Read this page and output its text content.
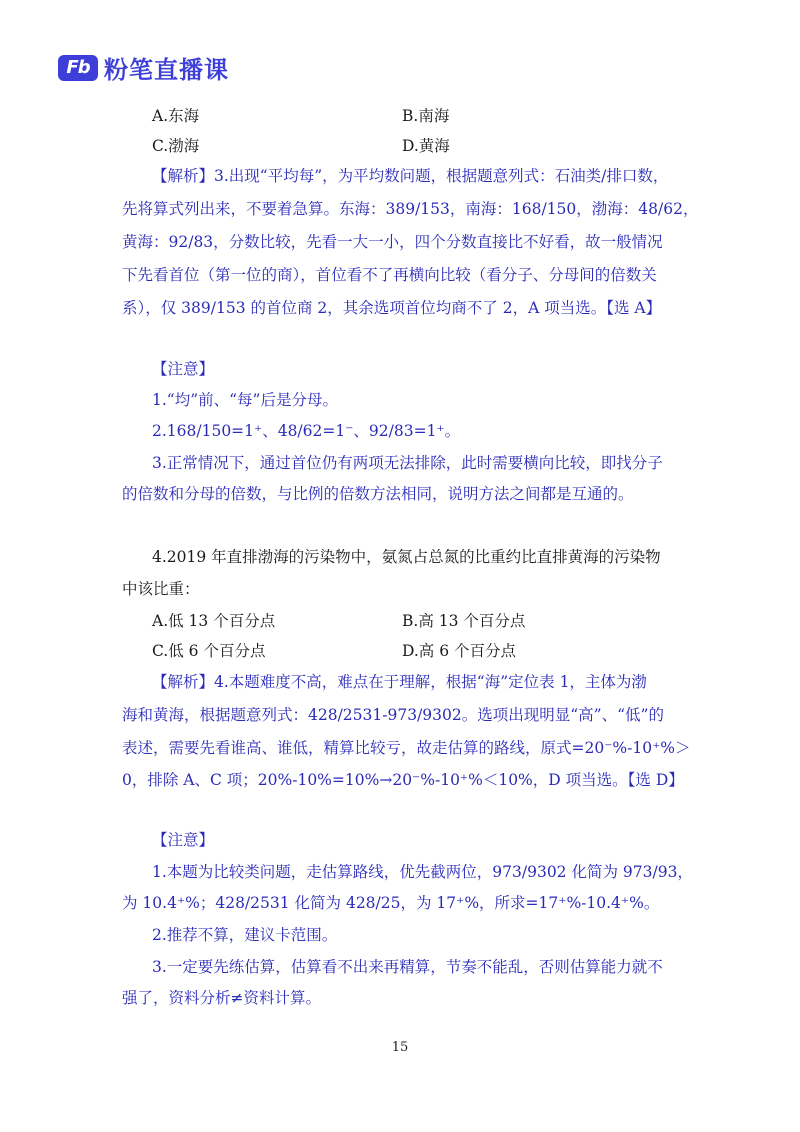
Fb 粉笔直播课
A.东海	B.南海
C.渤海	D.黄海
【解析】3.出现“平均每”，为平均数问题，根据题意列式：石油类/排口数，
先将算式列出来，不要着急算。东海：389/153，南海：168/150，渤海：48/62，
黄海：92/83，分数比较，先看一大一小，四个分数直接比不好看，故一般情况
下先看首位（第一位的商），首位看不了再横向比较（看分子、分母间的倍数关
系），仅 389/153 的首位商 2，其余选项首位均商不了 2，A 项当选。【选 A】
【注意】
1.“均”前、“每”后是分母。
2.168/150=1⁺、48/62=1⁻、92/83=1⁺。
3.正常情况下，通过首位仍有两项无法排除，此时需要横向比较，即找分子
的倍数和分母的倍数，与比例的倍数方法相同，说明方法之间都是互通的。
4.2019 年直排渤海的污染物中，氨氮占总氮的比重约比直排黄海的污染物
中该比重：
A.低 13 个百分点	B.高 13 个百分点
C.低 6 个百分点	D.高 6 个百分点
【解析】4.本题难度不高，难点在于理解，根据“海”定位表 1，主体为渤
海和黄海，根据题意列式：428/2531-973/9302。选项出现明显“高”、“低”的
表述，需要先看谁高、谁低，精算比较亏，故走估算的路线，原式=20⁻%-10⁺%＞
0，排除 A、C 项；20%-10%=10%→20⁻%-10⁺%＜10%，D 项当选。【选 D】
【注意】
1.本题为比较类问题，走估算路线，优先截两位，973/9302 化简为 973/93，
为 10.4⁺%；428/2531 化简为 428/25，为 17⁺%，所求=17⁺%-10.4⁺%。
2.推荐不算，建议卡范围。
3.一定要先练估算，估算看不出来再精算，节奏不能乱，否则估算能力就不
强了，资料分析≠资料计算。
15
